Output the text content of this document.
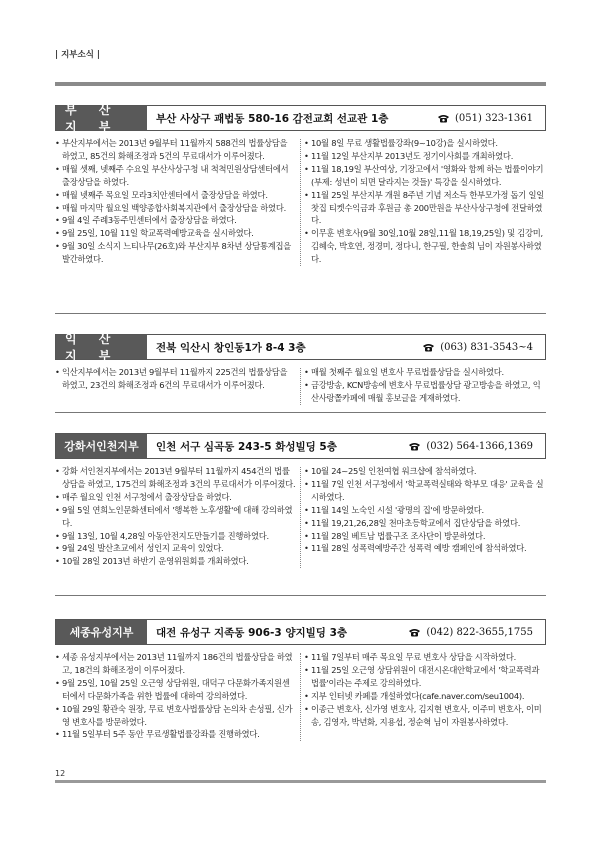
| 지부소식 |
부 산 지 부
부산 사상구 괘법동 580-16 감전교회 선교관 1층	(051) 323-1361
• 부산지부에서는 2013년 9월부터 11월까지 588건의 법률상담을 하였고, 85건의 화해조정과 5건의 무료대서가 이루어졌다.
• 매월 셋째, 넷째주 수요일 부산사상구청 내 척척민원상담센터에서 출장상담을 하였다.
• 매월 넷째주 목요일 모라3치안센터에서 출장상담을 하였다.
• 매월 마지막 월요일 백양종합사회복지관에서 출장상담을 하였다.
• 9월 4일 주례3동주민센터에서 출장상담을 하였다.
• 9월 25일, 10월 11일 학교폭력예방교육을 실시하였다.
• 9월 30일 소식지 느티나무(26호)와 부산지부 8차년 상담통계집을 발간하였다.
• 10월 8일 무료 생활법률강좌(9~10강)을 실시하였다.
• 11월 12일 부산지부 2013년도 정기이사회를 개최하였다.
• 11월 18,19일 부산여상, 기장고에서 '영화와 함께 하는 법률이야기(부제: 성년이 되면 달라지는 것들)' 특강을 실시하였다.
• 11월 25일 부산지부 개원 8주년 기념 저소득 한부모가정 돕기 일일찻집 티켓수익금과 후원금 총 200만원을 부산사상구청에 전달하였다.
• 이무훈 변호사(9월 30일,10월 28일,11월 18,19,25일) 및 김강미, 김혜숙, 박호연, 정경미, 정다니, 한구필, 한솔희 님이 자원봉사하였다.
익 산 지 부
전북 익산시 창인동1가 8-4 3층	(063) 831-3543~4
• 익산지부에서는 2013년 9월부터 11월까지 225건의 법률상담을 하였고, 23건의 화해조정과 6건의 무료대서가 이루어졌다.
• 매월 첫째주 월요일 변호사 무료법률상담을 실시하였다.
• 금강방송, KCN방송에 변호사 무료법률상담 광고방송을 하였고, 익산사랑쫄카페에 매월 홍보글을 게재하였다.
강화서인천지부	인천 서구 심곡동 243-5 화성빌딩 5층	(032) 564-1366,1369
• 강화 서인천지부에서는 2013년 9월부터 11월까지 454건의 법률상담을 하였고, 175건의 화해조정과 3건의 무료대서가 이루어졌다.
• 매주 월요일 인천 서구청에서 출장상담을 하였다.
• 9월 5일 연희노인문화센터에서 '행복한 노후생활'에 대해 강의하였다.
• 9월 13일, 10월 4,28일 아동안전지도만들기를 진행하였다.
• 9월 24일 발산초교에서 성인지 교육이 있었다.
• 10월 28일 2013년 하반기 운영위원회를 개최하였다.
• 10월 24~25일 인천여협 워크샵에 참석하였다.
• 11월 7일 인천 서구청에서 '학교폭력실태와 학부모 대응' 교육을 실시하였다.
• 11월 14일 노숙인 시설 '광명의 집'에 방문하였다.
• 11월 19,21,26,28일 천마초등학교에서 집단상담을 하였다.
• 11월 28일 베트남 법률구조 조사단이 방문하였다.
• 11월 28일 성폭력예방주간 성폭력 예방 캠페인에 참석하였다.
세종유성지부	대전 유성구 지족동 906-3 양지빌딩 3층	(042) 822-3655,1755
• 세종 유성지부에서는 2013년 11월까지 186건의 법률상담을 하였고, 18건의 화해조정이 이루어졌다.
• 9월 25일, 10월 25일 오근영 상담위원, 대덕구 다문화가족지원센터에서 다문화가족을 위한 법률에 대하여 강의하였다.
• 10월 29일 황관숙 원장, 무료 변호사법률상담 논의차 손성필, 신가영 변호사를 방문하였다.
• 11월 5일부터 5주 동안 무료생활법률강좌를 진행하였다.
• 11월 7일부터 매주 목요일 무료 변호사 상담을 시작하였다.
• 11월 25일 오근영 상담위원이 대전시온대안학교에서 '학교폭력과 법률'이라는 주제로 강의하였다.
• 지부 인터넷 카페를 개설하였다(cafe.naver.com/seu1004).
• 이종근 변호사, 신가영 변호사, 김지현 변호사, 이주미 변호사, 이미송, 김영자, 박년화, 지용섭, 정순혁 님이 자원봉사하였다.
12
